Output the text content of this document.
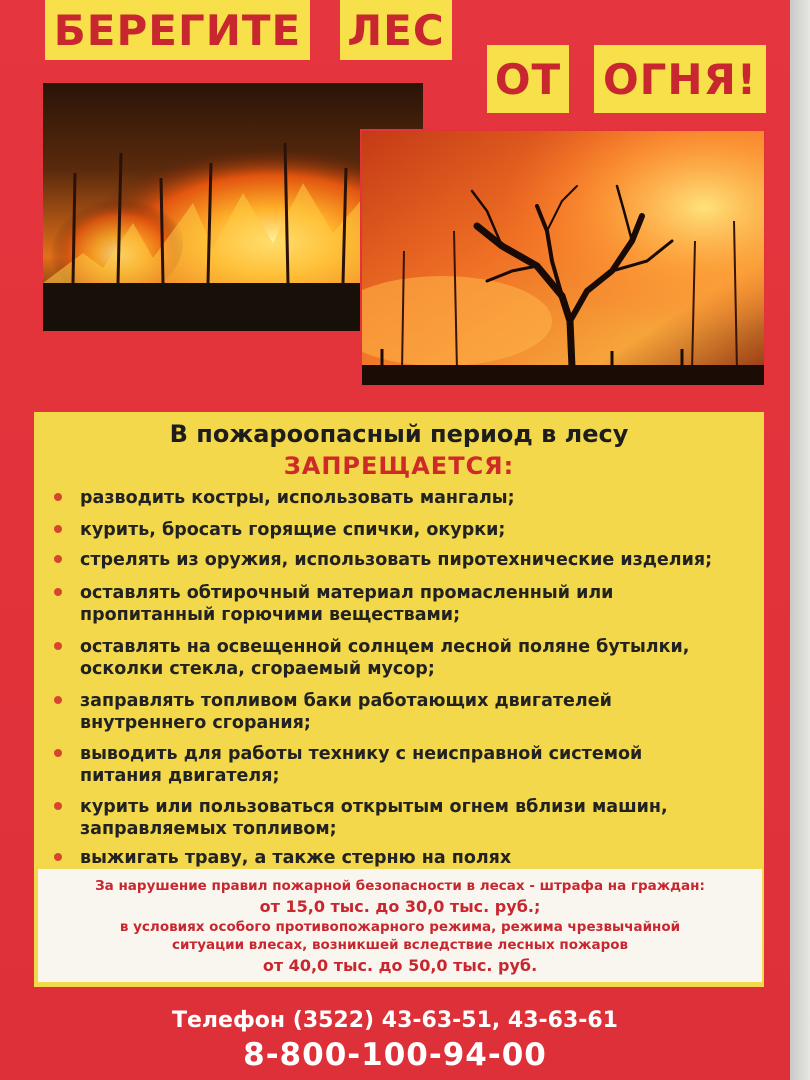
БЕРЕГИТЕ ЛЕС
ОТ ОГНЯ!
В пожароопасный период в лесу
ЗАПРЕЩАЕТСЯ:
разводить костры, использовать мангалы;
курить, бросать горящие спички, окурки;
стрелять из оружия, использовать пиротехнические изделия;
оставлять обтирочный материал промасленный или
пропитанный горючими веществами;
оставлять на освещенной солнцем лесной поляне бутылки,
осколки стекла, сгораемый мусор;
заправлять топливом баки работающих двигателей
внутреннего сгорания;
выводить для работы технику с неисправной системой
питания двигателя;
курить или пользоваться открытым огнем вблизи машин,
заправляемых топливом;
выжигать траву, а также стерню на полях
За нарушение правил пожарной безопасности в лесах - штрафа на граждан:
от 15,0 тыс. до 30,0 тыс. руб.;
в условиях особого противопожарного режима, режима чрезвычайной
ситуации влесах, возникшей вследствие лесных пожаров
от 40,0 тыс. до 50,0 тыс. руб.
Телефон (3522) 43-63-51, 43-63-61
8-800-100-94-00
